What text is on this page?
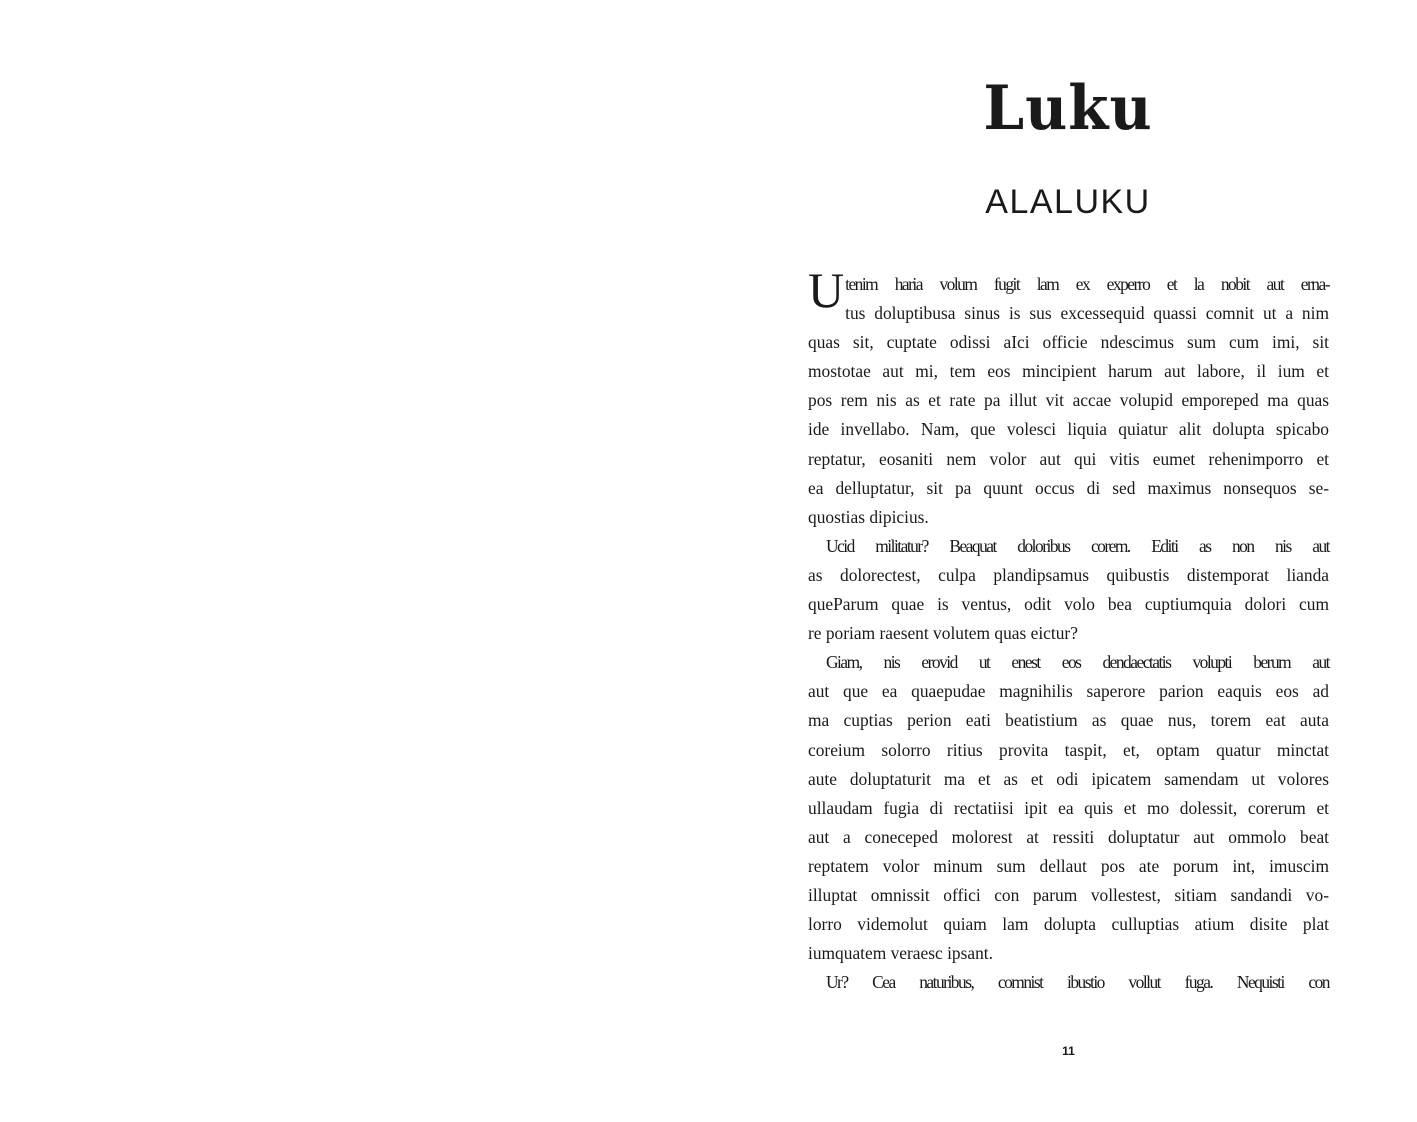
Luku
ALALUKU
U tenim haria volum fugit lam ex experro et la nobit aut erna-
tus doluptibusa sinus is sus excessequid quassi comnit ut a nim
quas sit, cuptate odissi aIci officie ndescimus sum cum imi, sit
mostotae aut mi, tem eos mincipient harum aut labore, il ium et
pos rem nis as et rate pa illut vit accae volupid emporeped ma quas
ide invellabo. Nam, que volesci liquia quiatur alit dolupta spicabo
reptatur, eosaniti nem volor aut qui vitis eumet rehenimporro et
ea delluptatur, sit pa quunt occus di sed maximus nonsequos se-
quostias dipicius.
Ucid militatur? Beaquat doloribus corem. Editi as non nis aut
as dolorectest, culpa plandipsamus quibustis distemporat lianda
queParum quae is ventus, odit volo bea cuptiumquia dolori cum
re poriam raesent volutem quas eictur?
Giam, nis erovid ut enest eos dendaectatis volupti berum aut
aut que ea quaepudae magnihilis saperore parion eaquis eos ad
ma cuptias perion eati beatistium as quae nus, torem eat auta
coreium solorro ritius provita taspit, et, optam quatur minctat
aute doluptaturit ma et as et odi ipicatem samendam ut volores
ullaudam fugia di rectatiisi ipit ea quis et mo dolessit, corerum et
aut a coneceped molorest at ressiti doluptatur aut ommolo beat
reptatem volor minum sum dellaut pos ate porum int, imuscim
illuptat omnissit offici con parum vollestest, sitiam sandandi vo-
lorro videmolut quiam lam dolupta culluptias atium disite plat
iumquatem veraesc ipsant.
Ur? Cea naturibus, comnist ibustio vollut fuga. Nequisti con
11
